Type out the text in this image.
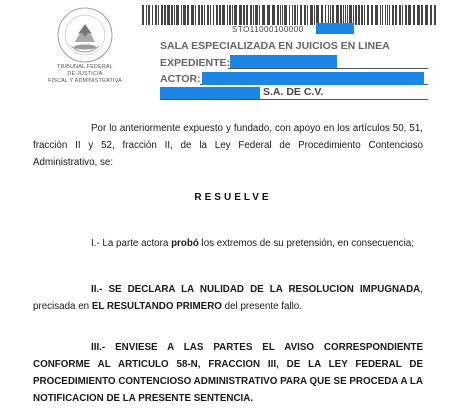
TRIBUNAL FEDERAL
DE JUSTICIA
FISCAL Y ADMINISTRATIVA
STO11000100000
SALA ESPECIALIZADA EN JUICIOS EN LINEA
EXPEDIENTE:
ACTOR:
S.A. DE C.V.
Por lo anteriormente expuesto y fundado, con apoyo en los artículos 50, 51, fracción II y 52, fracción II, de la Ley Federal de Procedimiento Contencioso Administrativo, se:
RESUELVE
I.- La parte actora probó los extremos de su pretensión, en consecuencia;
II.- SE DECLARA LA NULIDAD DE LA RESOLUCION IMPUGNADA, precisada en EL RESULTANDO PRIMERO del presente fallo.
III.- ENVIESE A LAS PARTES EL AVISO CORRESPONDIENTE CONFORME AL ARTICULO 58-N, FRACCION III, DE LA LEY FEDERAL DE PROCEDIMIENTO CONTENCIOSO ADMINISTRATIVO PARA QUE SE PROCEDA A LA NOTIFICACION DE LA PRESENTE SENTENCIA.
